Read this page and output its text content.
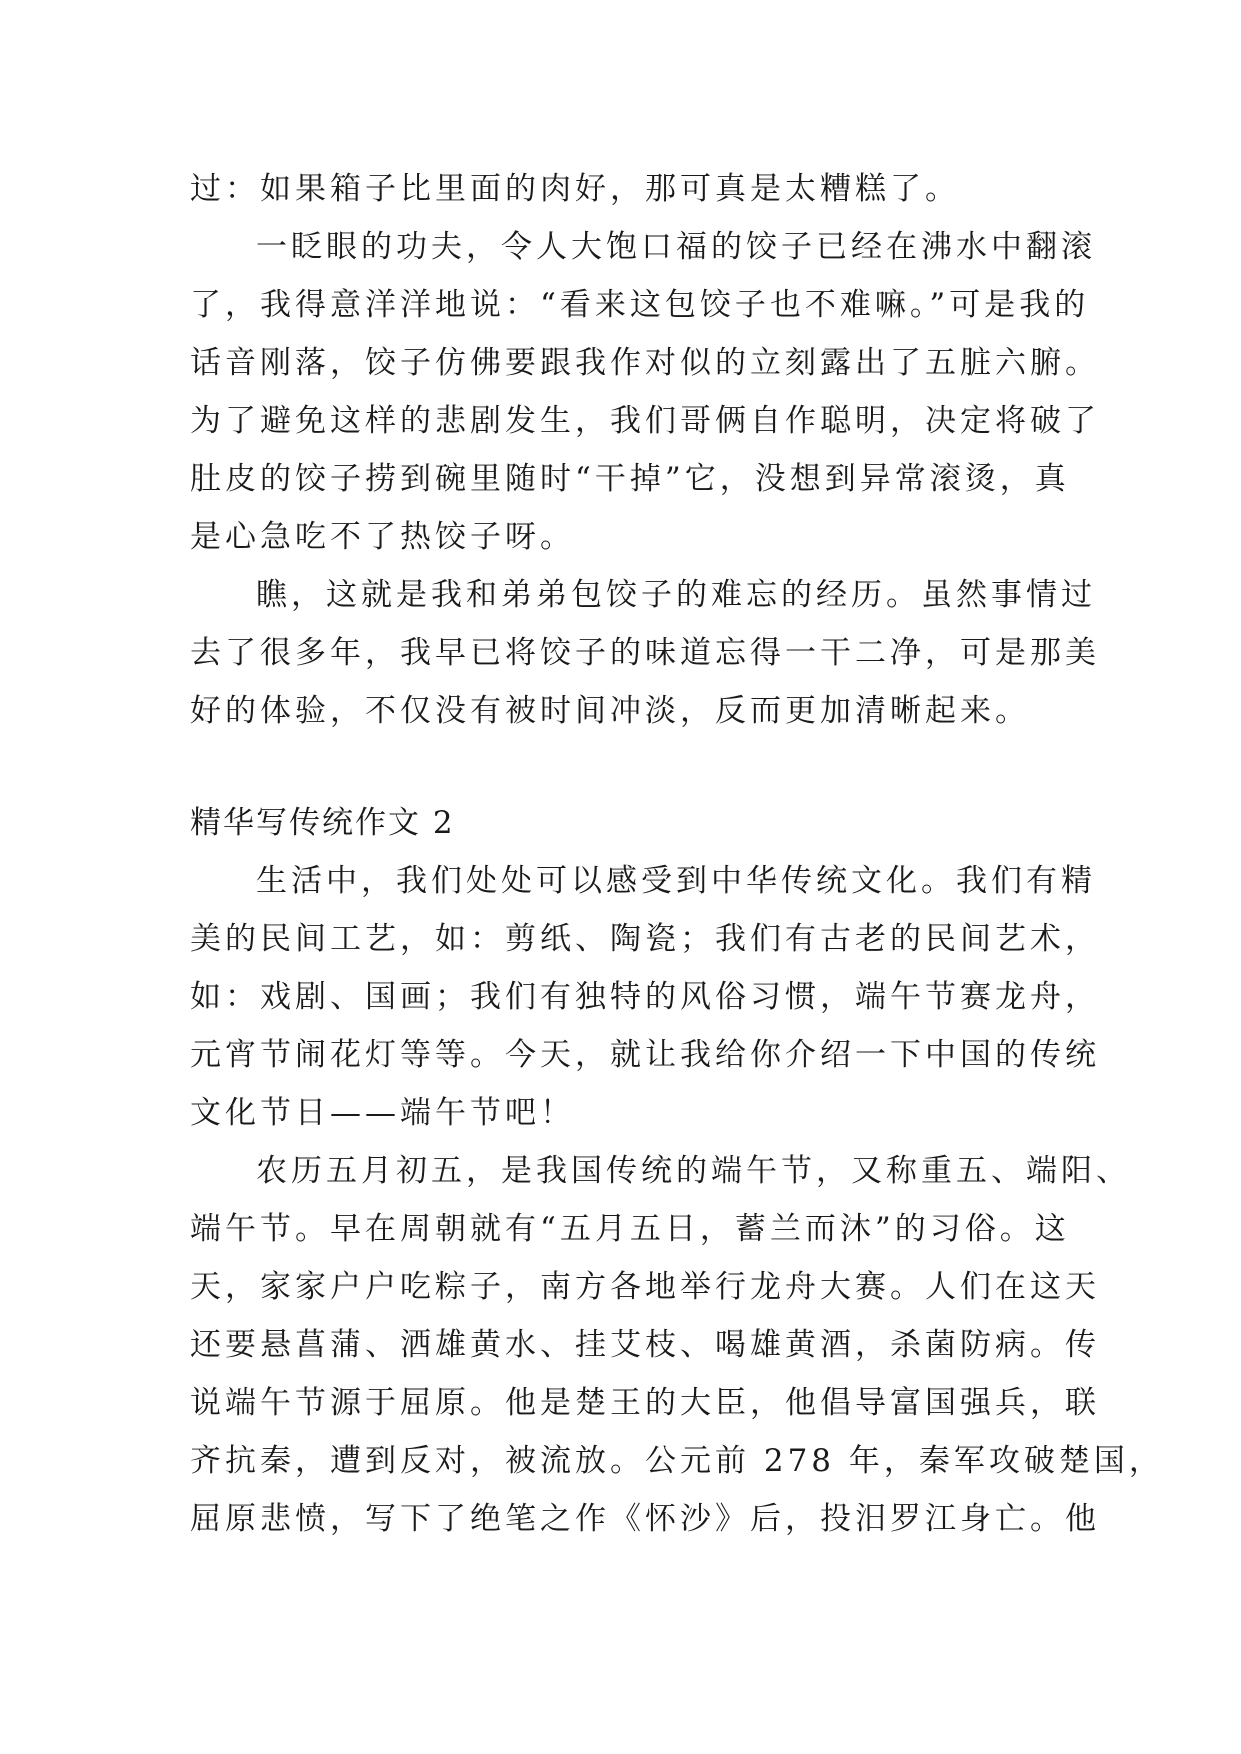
过：如果箱子比里面的肉好，那可真是太糟糕了。
一眨眼的功夫，令人大饱口福的饺子已经在沸水中翻滚
了，我得意洋洋地说：“看来这包饺子也不难嘛。”可是我的
话音刚落，饺子仿佛要跟我作对似的立刻露出了五脏六腑。
为了避免这样的悲剧发生，我们哥俩自作聪明，决定将破了
肚皮的饺子捞到碗里随时“干掉”它，没想到异常滚烫，真
是心急吃不了热饺子呀。
瞧，这就是我和弟弟包饺子的难忘的经历。虽然事情过
去了很多年，我早已将饺子的味道忘得一干二净，可是那美
好的体验，不仅没有被时间冲淡，反而更加清晰起来。
精华写传统作文 2
生活中，我们处处可以感受到中华传统文化。我们有精
美的民间工艺，如：剪纸、陶瓷；我们有古老的民间艺术，
如：戏剧、国画；我们有独特的风俗习惯，端午节赛龙舟，
元宵节闹花灯等等。今天，就让我给你介绍一下中国的传统
文化节日——端午节吧！
农历五月初五，是我国传统的端午节，又称重五、端阳、
端午节。早在周朝就有“五月五日，蓄兰而沐”的习俗。这
天，家家户户吃粽子，南方各地举行龙舟大赛。人们在这天
还要悬菖蒲、洒雄黄水、挂艾枝、喝雄黄酒，杀菌防病。传
说端午节源于屈原。他是楚王的大臣，他倡导富国强兵，联
齐抗秦，遭到反对，被流放。公元前 278 年，秦军攻破楚国，
屈原悲愤，写下了绝笔之作《怀沙》后，投汨罗江身亡。他
